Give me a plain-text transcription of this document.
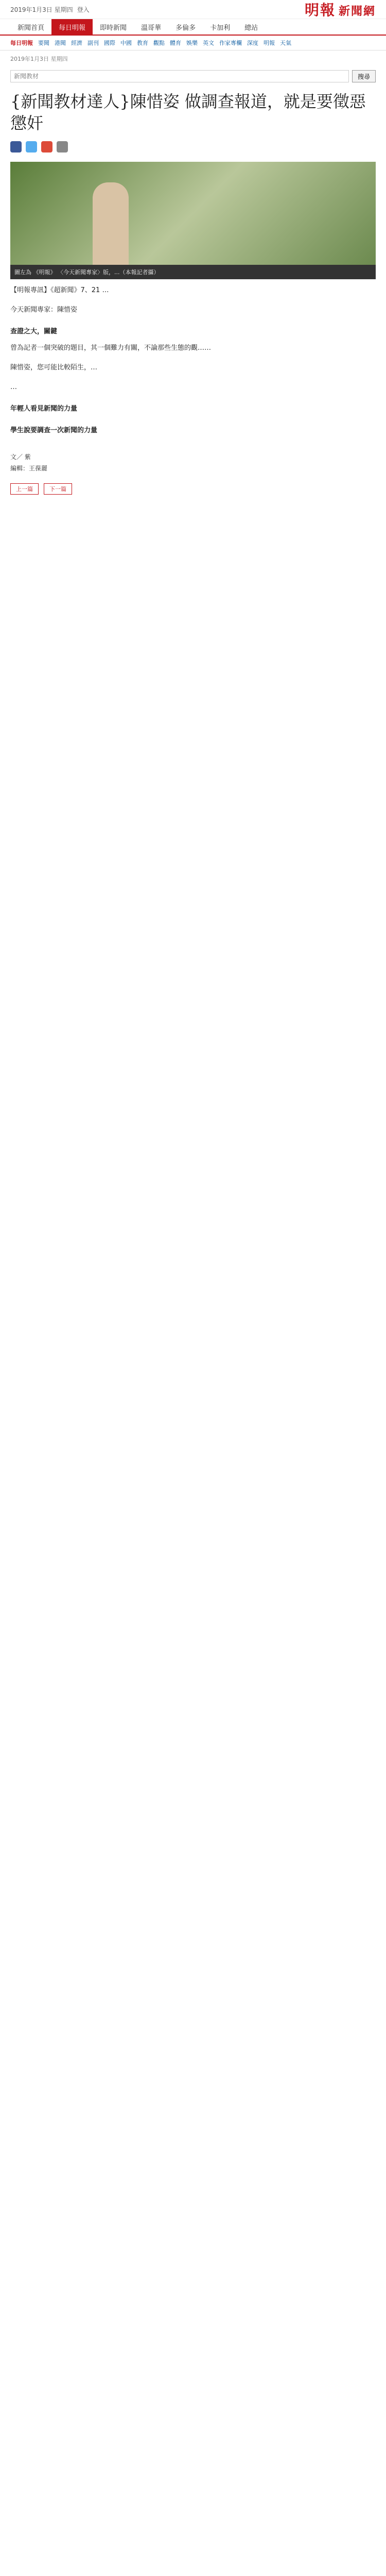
2019年1月3日 星期四 登入	明報 新聞網
新聞首頁	每日明報	即時新聞	溫哥華	多倫多	卡加利	總站
每日明報 要聞 港聞 經濟 副刊 國際 中國 教育 觀點 體育 娛樂 英文 作家專欄 深度 明報 天氣
2019年1月3日 星期四
新聞教材
搜尋
{新聞教材達人}陳惜姿 做調查報道，就是要徵惡懲奸
圖左為 《明報》 〈今天新聞專家〉版，...（本報記者攝）

【明報專訊】《超新聞》7、21 …

今天新聞專家：陳惜姿

查證之大，關鍵

曾為記者一個突破的題目，其一個難力有關，不論那些生態的觀……

陳惜姿，您可能比較陌生，…

…

年輕人看見新聞的力量
學生說要調查一次新聞的力量
文／ 紫
編輯：王葆麗
上一篇	下一篇
